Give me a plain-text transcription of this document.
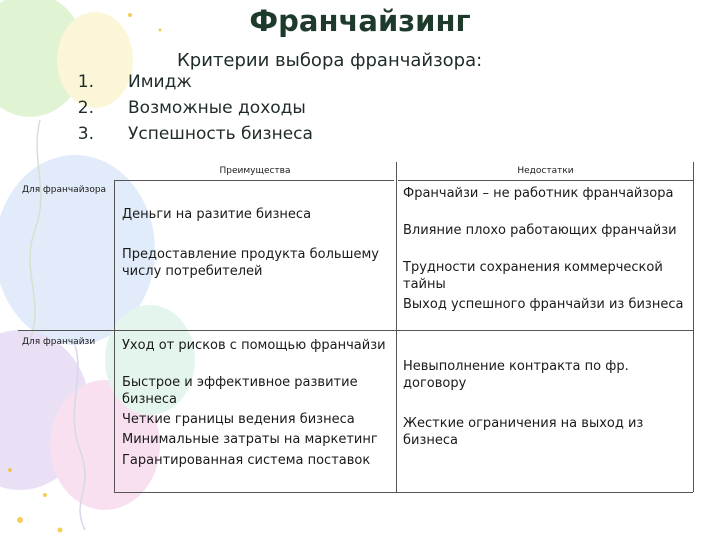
Франчайзинг
Критерии выбора франчайзора:
1. Имидж
2. Возможные доходы
3. Успешность бизнеса
Преимущества	Недостатки
Для франчайзора
Деньги на разитие бизнеса
Предоставление продукта большему числу потребителей
Франчайзи – не работник франчайзора
Влияние плохо работающих франчайзи
Трудности сохранения коммерческой тайны
Выход успешного франчайзи из бизнеса
Для франчайзи	Уход от рисков с помощью франчайзи
Быстрое и эффективное развитие бизнеса
Четкие границы ведения бизнеса
Минимальные затраты на маркетинг
Гарантированная система поставок
Невыполнение контракта по фр. договору
Жесткие ограничения на выход из бизнеса
